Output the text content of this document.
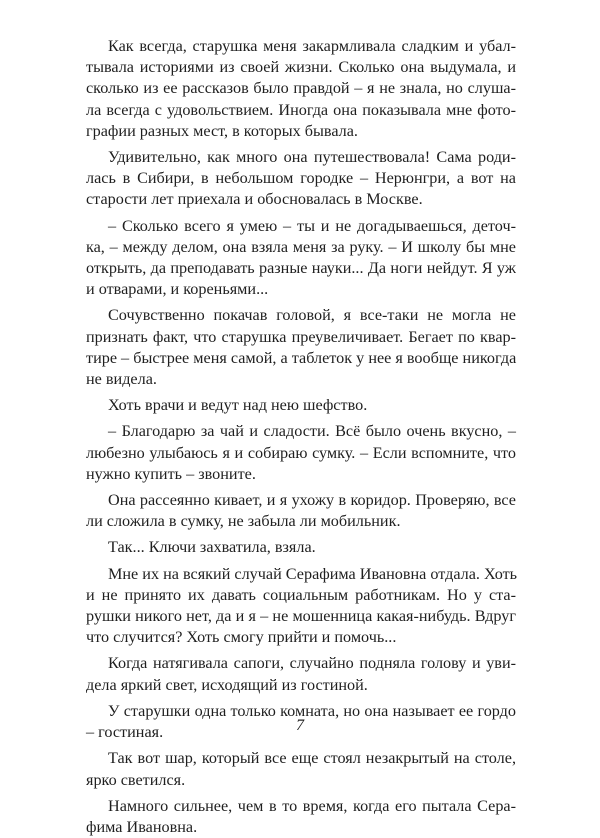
Как всегда, старушка меня закармливала сладким и убал-
тывала историями из своей жизни. Сколько она выдумала, и
сколько из ее рассказов было правдой – я не знала, но слуша-
ла всегда с удовольствием. Иногда она показывала мне фото-
графии разных мест, в которых бывала.
Удивительно, как много она путешествовала! Сама роди-
лась в Сибири, в небольшом городке – Нерюнгри, а вот на
старости лет приехала и обосновалась в Москве.
– Сколько всего я умею – ты и не догадываешься, деточ-
ка, – между делом, она взяла меня за руку. – И школу бы мне
открыть, да преподавать разные науки... Да ноги нейдут. Я уж
и отварами, и кореньями...
Сочувственно покачав головой, я все-таки не могла не
признать факт, что старушка преувеличивает. Бегает по квар-
тире – быстрее меня самой, а таблеток у нее я вообще никогда
не видела.
Хоть врачи и ведут над нею шефство.
– Благодарю за чай и сладости. Всё было очень вкусно, –
любезно улыбаюсь я и собираю сумку. – Если вспомните, что
нужно купить – звоните.
Она рассеянно кивает, и я ухожу в коридор. Проверяю, все
ли сложила в сумку, не забыла ли мобильник.
Так... Ключи захватила, взяла.
Мне их на всякий случай Серафима Ивановна отдала. Хоть
и не принято их давать социальным работникам. Но у ста-
рушки никого нет, да и я – не мошенница какая-нибудь. Вдруг
что случится? Хоть смогу прийти и помочь...
Когда натягивала сапоги, случайно подняла голову и уви-
дела яркий свет, исходящий из гостиной.
У старушки одна только комната, но она называет ее гордо
– гостиная.
Так вот шар, который все еще стоял незакрытый на столе,
ярко светился.
Намного сильнее, чем в то время, когда его пытала Сера-
фима Ивановна.
7
